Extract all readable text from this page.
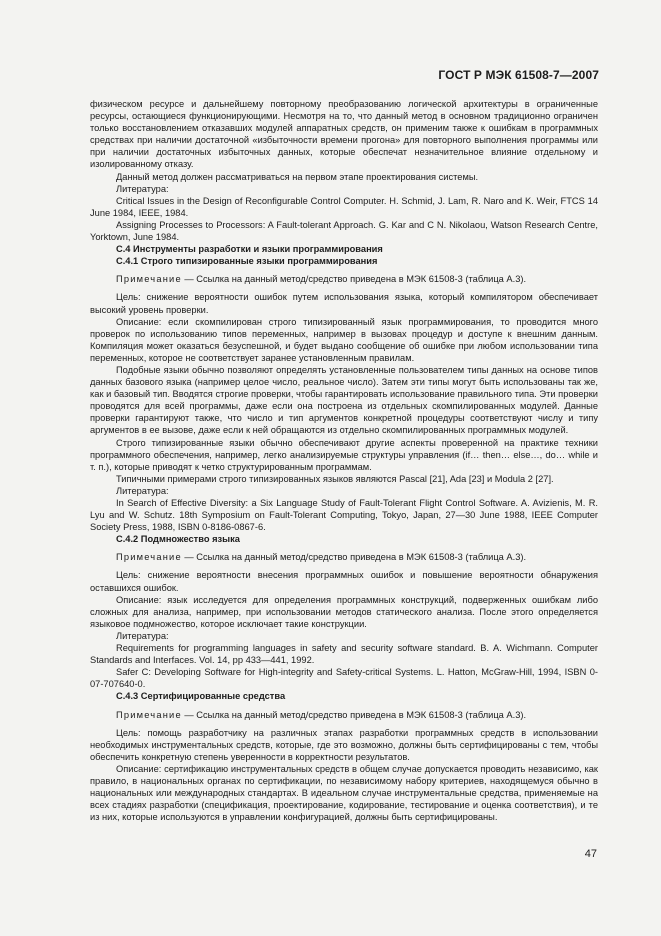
ГОСТ Р МЭК 61508-7—2007

физическом ресурсе и дальнейшему повторному преобразованию логической архитектуры в ограниченные ресурсы, остающиеся функционирующими. Несмотря на то, что данный метод в основном традиционно ограничен только восстановлением отказавших модулей аппаратных средств, он применим также к ошибкам в программных средствах при наличии достаточной «избыточности времени прогона» для повторного выполнения программы или при наличии достаточных избыточных данных, которые обеспечат незначительное влияние отдельному и изолированному отказу.

Данный метод должен рассматриваться на первом этапе проектирования системы.

Литература:

Critical Issues in the Design of Reconfigurable Control Computer. H. Schmid, J. Lam, R. Naro and K. Weir, FTCS 14 June 1984, IEEE, 1984.

Assigning Processes to Processors: A Fault-tolerant Approach. G. Kar and C N. Nikolaou, Watson Research Centre, Yorktown, June 1984.

С.4 Инструменты разработки и языки программирования

С.4.1 Строго типизированные языки программирования

Примечание — Ссылка на данный метод/средство приведена в МЭК 61508-3 (таблица А.3).

Цель: снижение вероятности ошибок путем использования языка, который компилятором обеспечивает высокий уровень проверки.

Описание: если скомпилирован строго типизированный язык программирования, то проводится много проверок по использованию типов переменных, например в вызовах процедур и доступе к внешним данным. Компиляция может оказаться безуспешной, и будет выдано сообщение об ошибке при любом использовании типа переменных, которое не соответствует заранее установленным правилам.

Подобные языки обычно позволяют определять установленные пользователем типы данных на основе типов данных базового языка (например целое число, реальное число). Затем эти типы могут быть использованы так же, как и базовый тип. Вводятся строгие проверки, чтобы гарантировать использование правильного типа. Эти проверки проводятся для всей программы, даже если она построена из отдельных скомпилированных модулей. Данные проверки гарантируют также, что число и тип аргументов конкретной процедуры соответствуют числу и типу аргументов в ее вызове, даже если к ней обращаются из отдельно скомпилированных программных модулей.

Строго типизированные языки обычно обеспечивают другие аспекты проверенной на практике техники программного обеспечения, например, легко анализируемые структуры управления (if… then… else…, do… while и т. п.), которые приводят к четко структурированным программам.

Типичными примерами строго типизированных языков являются Pascal [21], Ada [23] и Modula 2 [27].

Литература:

In Search of Effective Diversity: a Six Language Study of Fault-Tolerant Flight Control Software. A. Avizienis, M. R. Lyu and W. Schutz. 18th Symposium on Fault-Tolerant Computing, Tokyo, Japan, 27—30 June 1988, IEEE Computer Society Press, 1988, ISBN 0-8186-0867-6.

С.4.2 Подмножество языка

Примечание — Ссылка на данный метод/средство приведена в МЭК 61508-3 (таблица А.3).

Цель: снижение вероятности внесения программных ошибок и повышение вероятности обнаружения оставшихся ошибок.

Описание: язык исследуется для определения программных конструкций, подверженных ошибкам либо сложных для анализа, например, при использовании методов статического анализа. После этого определяется языковое подмножество, которое исключает такие конструкции.

Литература:

Requirements for programming languages in safety and security software standard. B. A. Wichmann. Computer Standards and Interfaces. Vol. 14, pp 433—441, 1992.

Safer C: Developing Software for High-integrity and Safety-critical Systems. L. Hatton, McGraw-Hill, 1994, ISBN 0-07-707640-0.

С.4.3 Сертифицированные средства

Примечание — Ссылка на данный метод/средство приведена в МЭК 61508-3 (таблица А.3).

Цель: помощь разработчику на различных этапах разработки программных средств в использовании необходимых инструментальных средств, которые, где это возможно, должны быть сертифицированы с тем, чтобы обеспечить конкретную степень уверенности в корректности результатов.

Описание: сертификацию инструментальных средств в общем случае допускается проводить независимо, как правило, в национальных органах по сертификации, по независимому набору критериев, находящемуся обычно в национальных или международных стандартах. В идеальном случае инструментальные средства, применяемые на всех стадиях разработки (спецификация, проектирование, кодирование, тестирование и оценка соответствия), и те из них, которые используются в управлении конфигурацией, должны быть сертифицированы.

47
